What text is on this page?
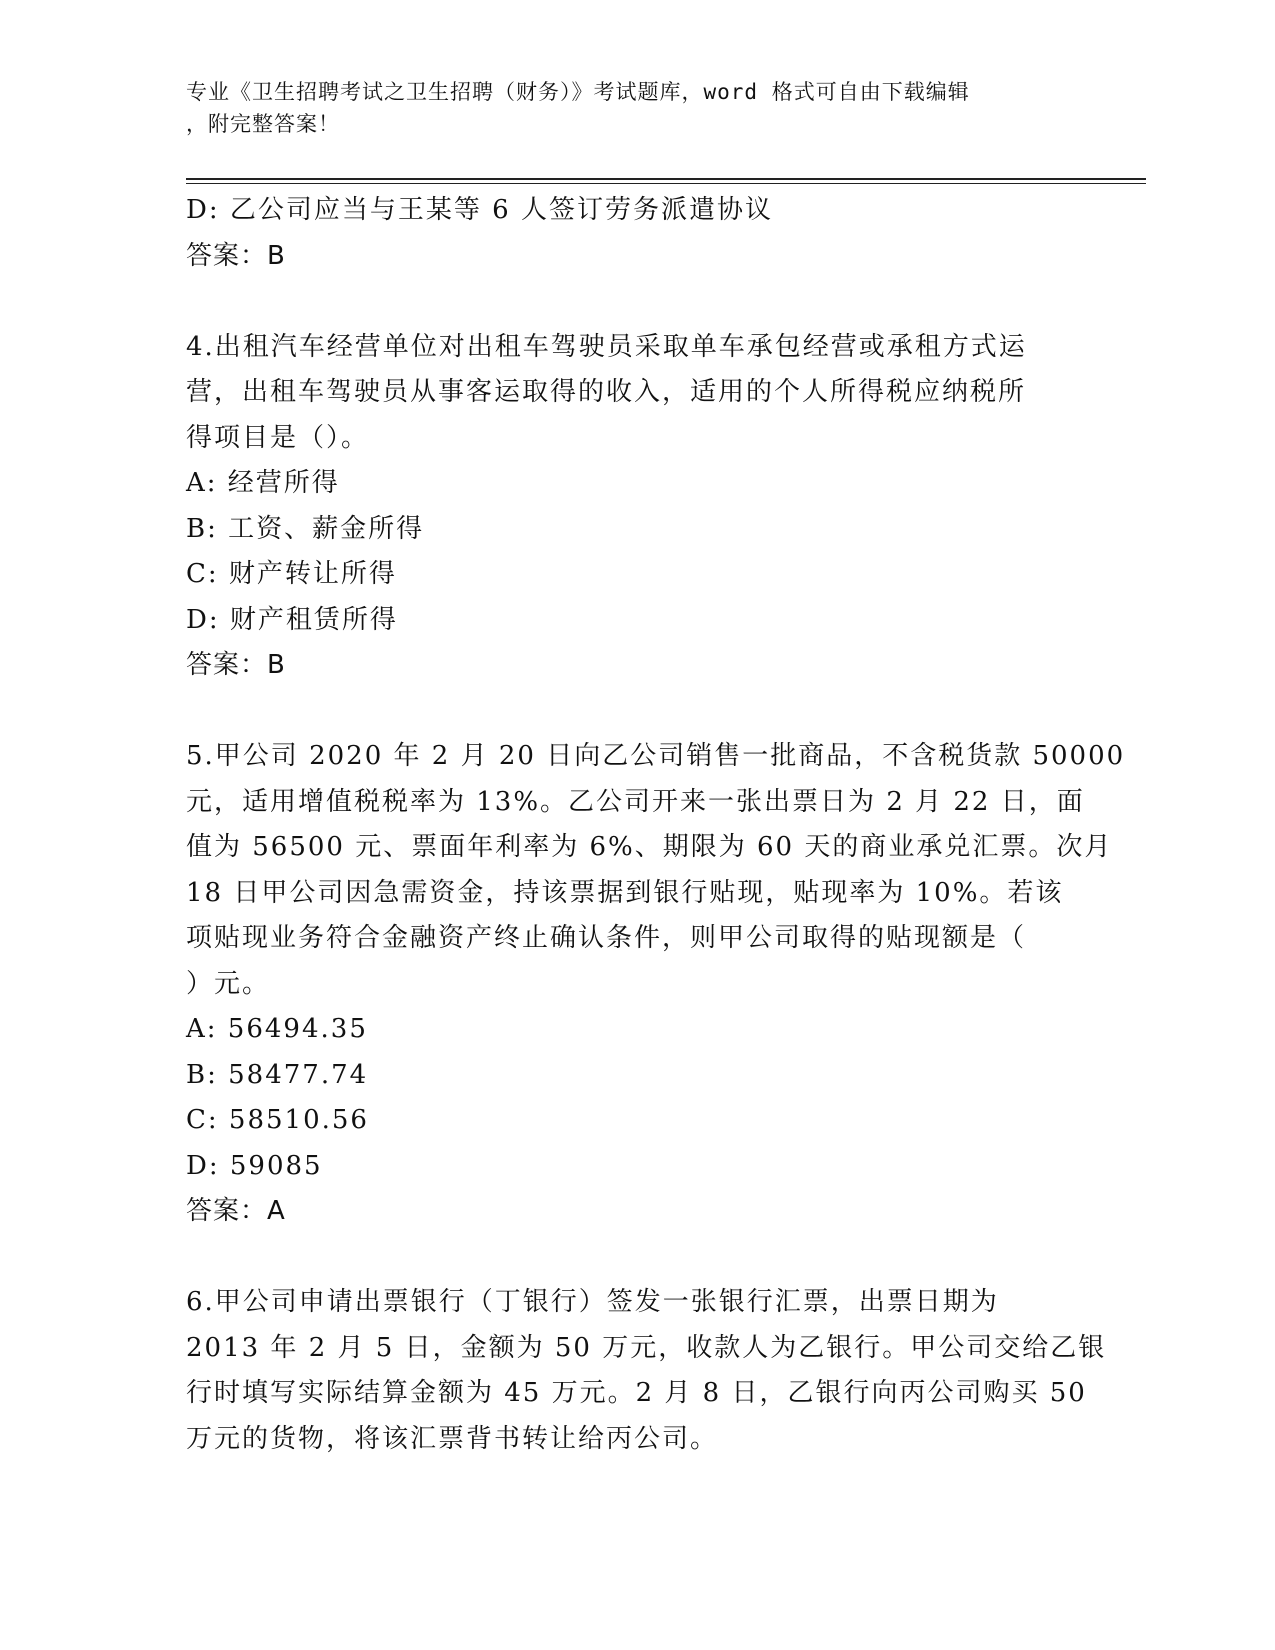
专业《卫生招聘考试之卫生招聘（财务）》考试题库，word 格式可自由下载编辑
，附完整答案！
D: 乙公司应当与王某等 6 人签订劳务派遣协议
答案：B
4.出租汽车经营单位对出租车驾驶员采取单车承包经营或承租方式运
营，出租车驾驶员从事客运取得的收入，适用的个人所得税应纳税所
得项目是（）。
A: 经营所得
B: 工资、薪金所得
C: 财产转让所得
D: 财产租赁所得
答案：B
5.甲公司 2020 年 2 月 20 日向乙公司销售一批商品，不含税货款 50000
元，适用增值税税率为 13%。乙公司开来一张出票日为 2 月 22 日，面
值为 56500 元、票面年利率为 6%、期限为 60 天的商业承兑汇票。次月
18 日甲公司因急需资金，持该票据到银行贴现，贴现率为 10%。若该
项贴现业务符合金融资产终止确认条件，则甲公司取得的贴现额是（
）元。
A: 56494.35
B: 58477.74
C: 58510.56
D: 59085
答案：A
6.甲公司申请出票银行（丁银行）签发一张银行汇票，出票日期为
2013 年 2 月 5 日，金额为 50 万元，收款人为乙银行。甲公司交给乙银
行时填写实际结算金额为 45 万元。2 月 8 日，乙银行向丙公司购买 50
万元的货物，将该汇票背书转让给丙公司。
